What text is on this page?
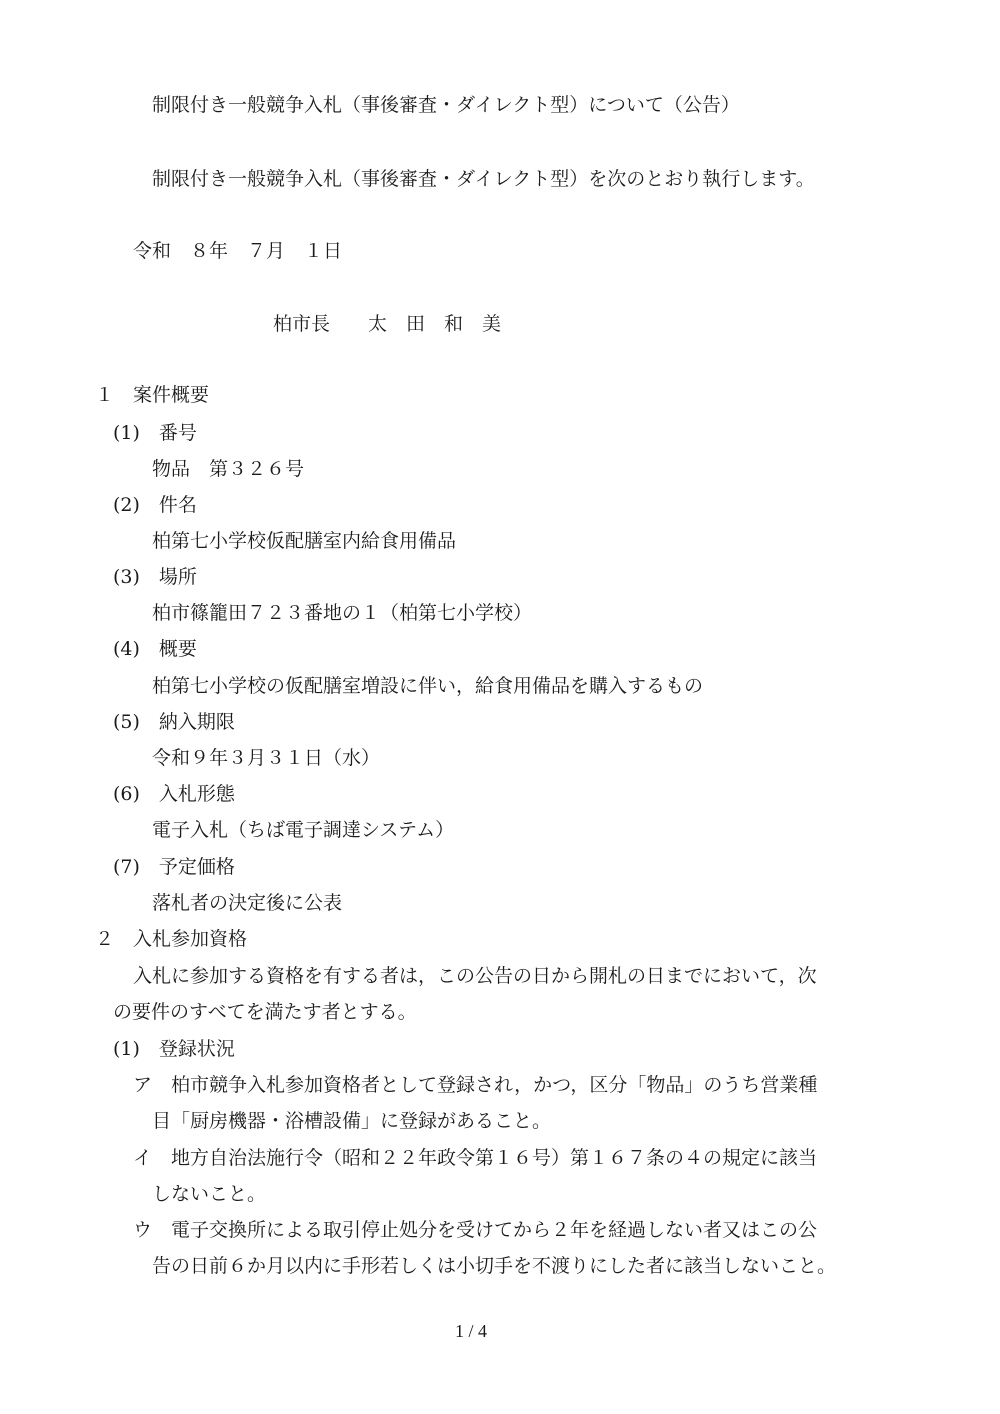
制限付き一般競争入札（事後審査・ダイレクト型）について（公告）
制限付き一般競争入札（事後審査・ダイレクト型）を次のとおり執行します。
令和　８年　７月　１日
柏市長　　太　田　和　美
１　案件概要
(1)　番号
物品　第３２６号
(2)　件名
柏第七小学校仮配膳室内給食用備品
(3)　場所
柏市篠籠田７２３番地の１（柏第七小学校）
(4)　概要
柏第七小学校の仮配膳室増設に伴い，給食用備品を購入するもの
(5)　納入期限
令和９年３月３１日（水）
(6)　入札形態
電子入札（ちば電子調達システム）
(7)　予定価格
落札者の決定後に公表
２　入札参加資格
入札に参加する資格を有する者は，この公告の日から開札の日までにおいて，次
の要件のすべてを満たす者とする。
(1)　登録状況
ア　柏市競争入札参加資格者として登録され，かつ，区分「物品」のうち営業種
目「厨房機器・浴槽設備」に登録があること。
イ　地方自治法施行令（昭和２２年政令第１６号）第１６７条の４の規定に該当
しないこと。
ウ　電子交換所による取引停止処分を受けてから２年を経過しない者又はこの公
告の日前６か月以内に手形若しくは小切手を不渡りにした者に該当しないこと。
1 / 4
